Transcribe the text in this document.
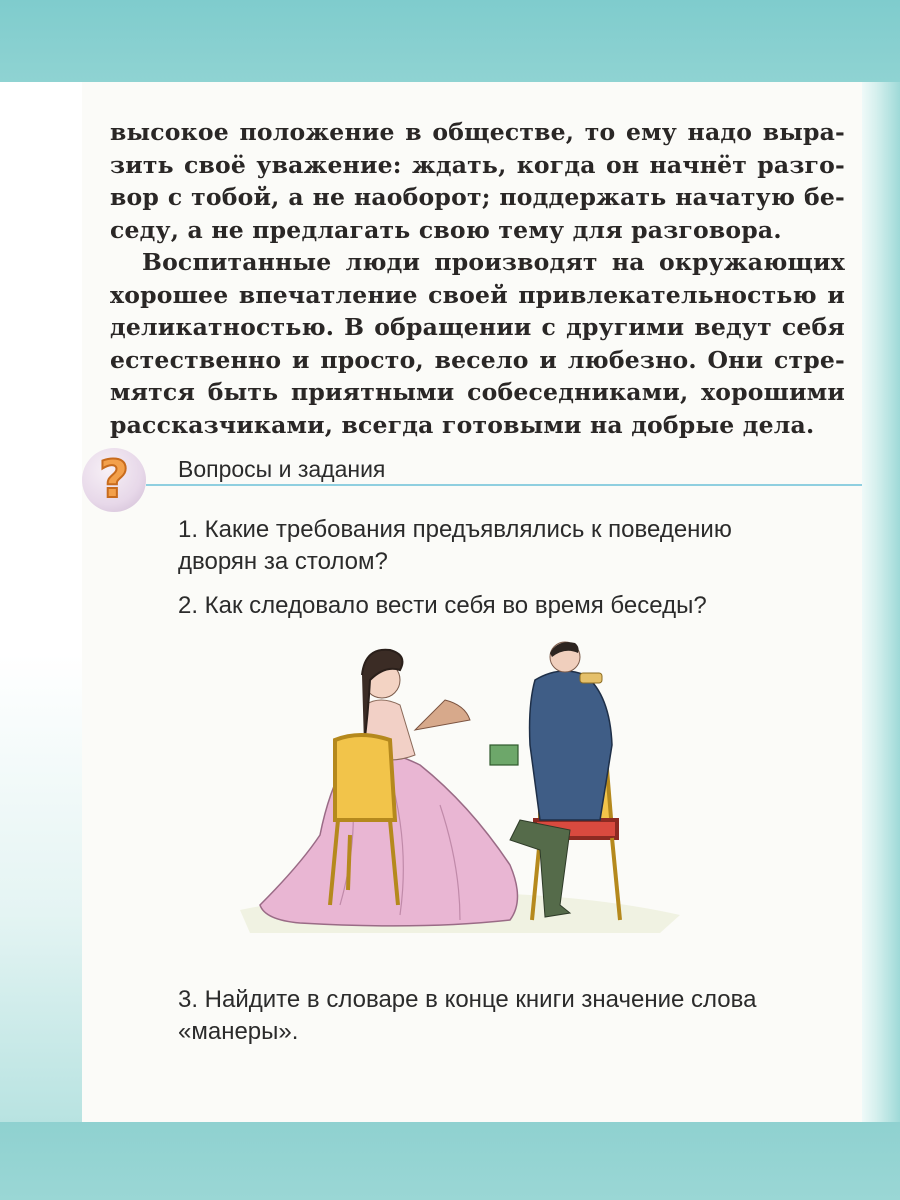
высокое положение в обществе, то ему надо выра-
зить своё уважение: ждать, когда он начнёт разго-
вор с тобой, а не наоборот; поддержать начатую бе-
седу, а не предлагать свою тему для разговора.
Воспитанные люди производят на окружающих
хорошее впечатление своей привлекательностью и
деликатностью. В обращении с другими ведут себя
естественно и просто, весело и любезно. Они стре-
мятся быть приятными собеседниками, хорошими
рассказчиками, всегда готовыми на добрые дела.
? Вопросы и задания
1. Какие требования предъявлялись к поведению
дворян за столом?
2. Как следовало вести себя во время беседы?
3. Найдите в словаре в конце книги значение слова
«манеры».
